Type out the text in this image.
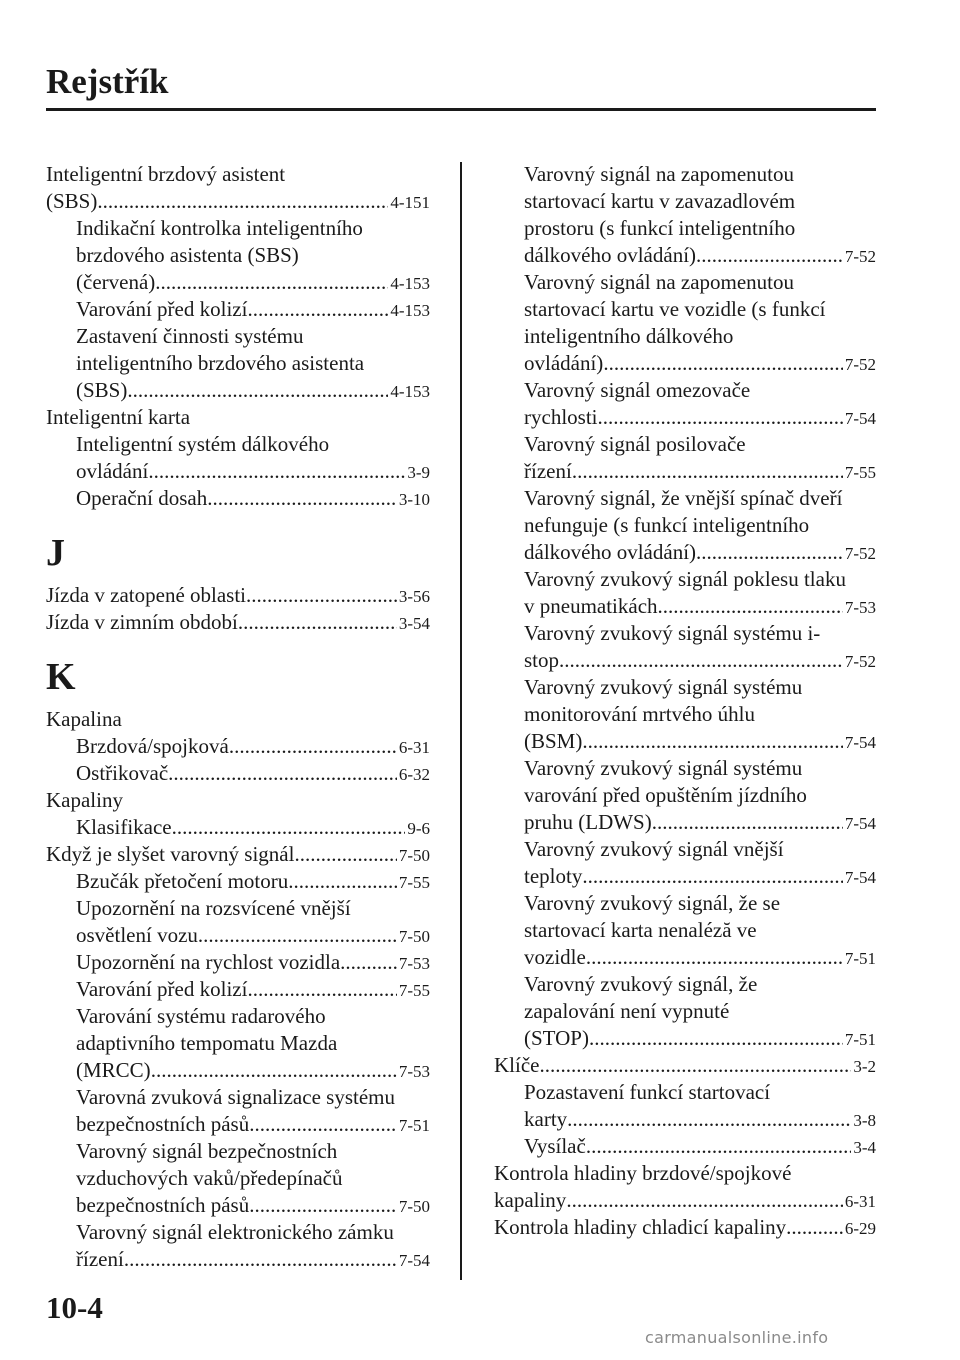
Rejstřík
Inteligentní brzdový asistent
(SBS) .....	4-151
Indikační kontrolka inteligentního
brzdového asistenta (SBS)
(červená) .....	4-153
Varování před kolizí .....	4-153
Zastavení činnosti systému
inteligentního brzdového asistenta
(SBS) .....	4-153
Inteligentní karta
Inteligentní systém dálkového
ovládání .....	3-9
Operační dosah .....	3-10
J
Jízda v zatopené oblasti .....	3-56
Jízda v zimním období .....	3-54
K
Kapalina
Brzdová/spojková .....	6-31
Ostřikovač .....	6-32
Kapaliny
Klasifikace .....	9-6
Když je slyšet varovný signál .....	7-50
Bzučák přetočení motoru .....	7-55
Upozornění na rozsvícené vnější
osvětlení vozu .....	7-50
Upozornění na rychlost vozidla .....	7-53
Varování před kolizí .....	7-55
Varování systému radarového
adaptivního tempomatu Mazda
(MRCC) .....	7-53
Varovná zvuková signalizace systému
bezpečnostních pásů .....	7-51
Varovný signál bezpečnostních
vzduchových vaků/předepínačů
bezpečnostních pásů .....	7-50
Varovný signál elektronického zámku
řízení .....	7-54
Varovný signál na zapomenutou
startovací kartu v zavazadlovém
prostoru (s funkcí inteligentního
dálkového ovládání) .....	7-52
Varovný signál na zapomenutou
startovací kartu ve vozidle (s funkcí
inteligentního dálkového
ovládání) .....	7-52
Varovný signál omezovače
rychlosti .....	7-54
Varovný signál posilovače
řízení .....	7-55
Varovný signál, že vnější spínač dveří
nefunguje (s funkcí inteligentního
dálkového ovládání) .....	7-52
Varovný zvukový signál poklesu tlaku
v pneumatikách .....	7-53
Varovný zvukový signál systému i-
stop .....	7-52
Varovný zvukový signál systému
monitorování mrtvého úhlu
(BSM) .....	7-54
Varovný zvukový signál systému
varování před opuštěním jízdního
pruhu (LDWS) .....	7-54
Varovný zvukový signál vnější
teploty .....	7-54
Varovný zvukový signál, že se
startovací karta nenaléză ve
vozidle .....	7-51
Varovný zvukový signál, že
zapalování není vypnuté
(STOP) .....	7-51
Klíče .....	3-2
Pozastavení funkcí startovací
karty .....	3-8
Vysílač .....	3-4
Kontrola hladiny brzdové/spojkové
kapaliny .....	6-31
Kontrola hladiny chladicí kapaliny .....	6-29
10-4
carmanualsonline.info
